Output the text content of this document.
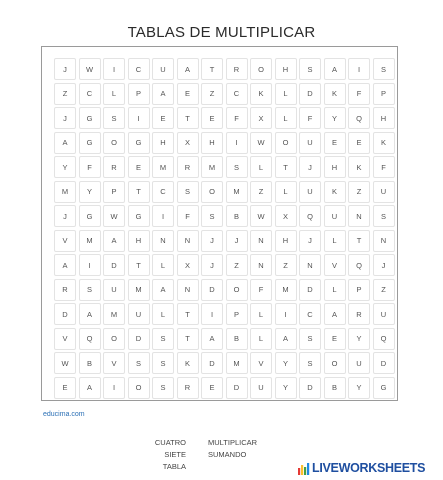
TABLAS DE MULTIPLICAR
J	W	I	C	U	A	T	R	O	H	S	A	I	S
Z	C	L	P	A	E	Z	C	K	L	D	K	F	P
J	G	S	I	E	T	E	F	X	L	F	Y	Q	H
A	G	O	G	H	X	H	I	W	O	U	E	E	K
Y	F	R	E	M	R	M	S	L	T	J	H	K	F
M	Y	P	T	C	S	O	M	Z	L	U	K	Z	U
J	G	W	G	I	F	S	B	W	X	Q	U	N	S
V	M	A	H	N	N	J	J	N	H	J	L	T	N
A	I	D	T	L	X	J	Z	N	Z	N	V	Q	J
R	S	U	M	A	N	D	O	F	M	D	L	P	Z
D	A	M	U	L	T	I	P	L	I	C	A	R	U
V	Q	O	D	S	T	A	B	L	A	S	E	Y	Q
W	B	V	S	S	K	D	M	V	Y	S	O	U	D
E	A	I	O	S	R	E	D	U	Y	D	B	Y	G
educima.com
CUATRO
SIETE
TABLA
MULTIPLICAR
SUMANDO
LIVEWORKSHEETS
